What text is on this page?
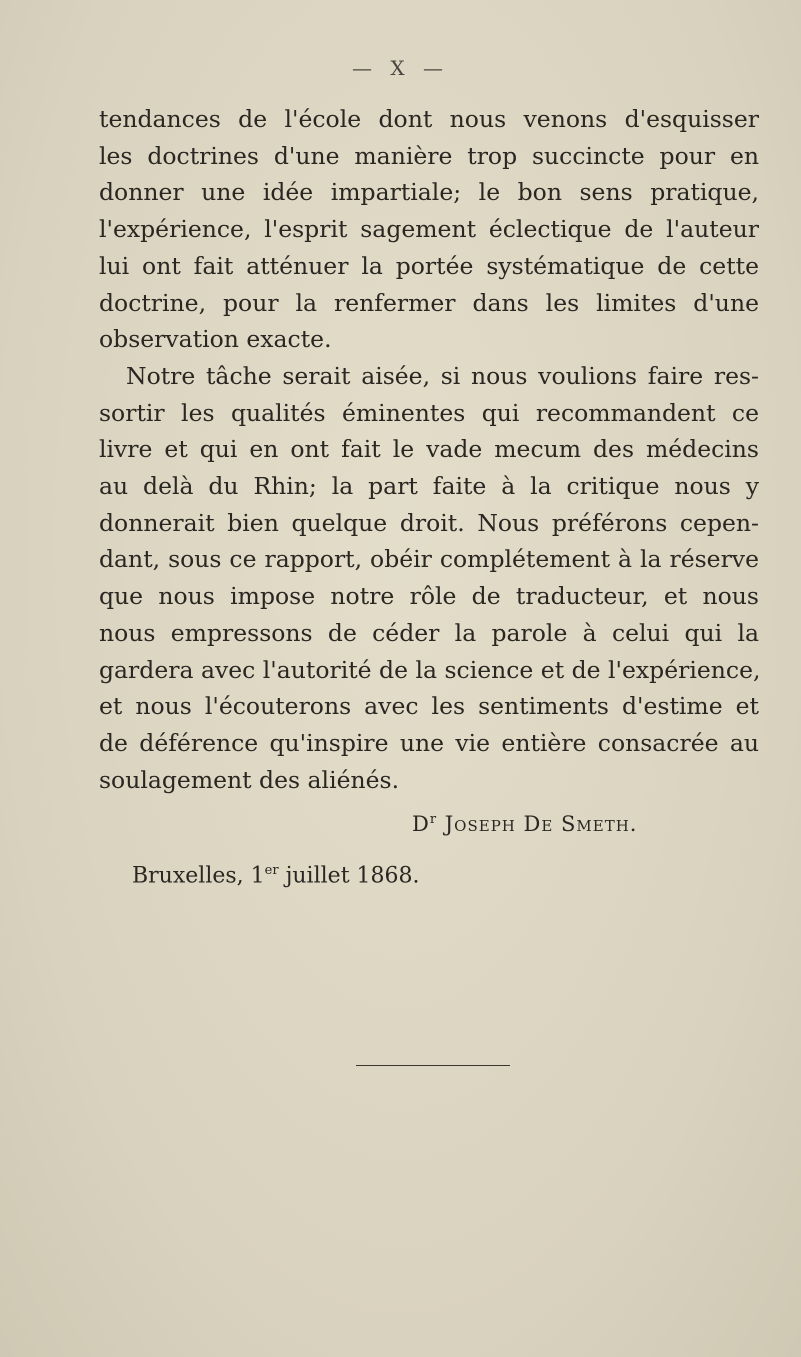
— X —
tendances de l'école dont nous venons d'esquisser
les doctrines d'une manière trop succincte pour en
donner une idée impartiale; le bon sens pratique,
l'expérience, l'esprit sagement éclectique de l'auteur
lui ont fait atténuer la portée systématique de cette
doctrine, pour la renfermer dans les limites d'une
observation exacte.
Notre tâche serait aisée, si nous voulions faire res-
sortir les qualités éminentes qui recommandent ce
livre et qui en ont fait le vade mecum des médecins
au delà du Rhin; la part faite à la critique nous y
donnerait bien quelque droit. Nous préférons cepen-
dant, sous ce rapport, obéir complétement à la réserve
que nous impose notre rôle de traducteur, et nous
nous empressons de céder la parole à celui qui la
gardera avec l'autorité de la science et de l'expérience,
et nous l'écouterons avec les sentiments d'estime et
de déférence qu'inspire une vie entière consacrée au
soulagement des aliénés.

$D^r$ Joseph De Smeth.

Bruxelles, 1er juillet 1868.
